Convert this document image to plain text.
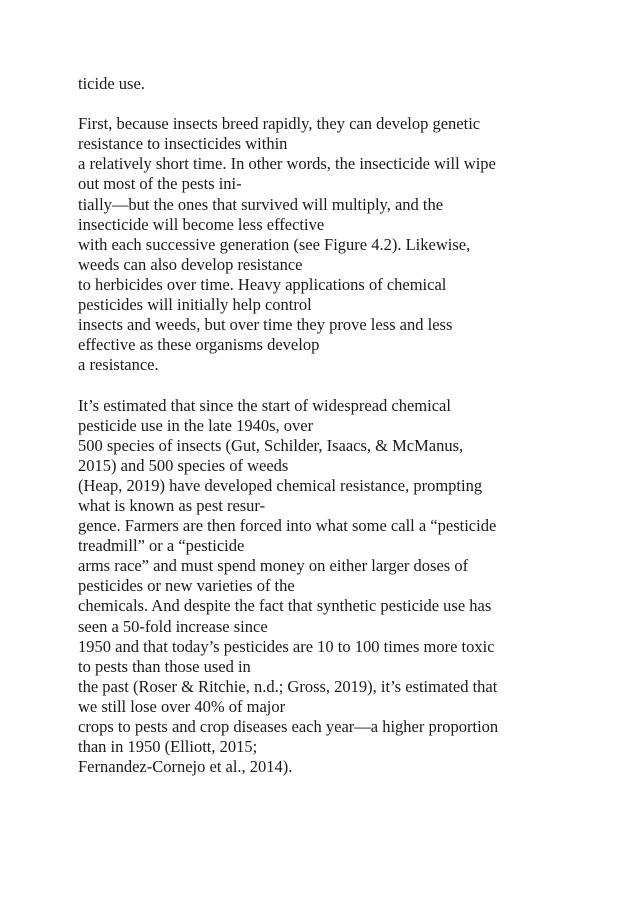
ticide use.
First, because insects breed rapidly, they can develop genetic
resistance to insecticides within
a relatively short time. In other words, the insecticide will wipe
out most of the pests ini-
tially—but the ones that survived will multiply, and the
insecticide will become less effective
with each successive generation (see Figure 4.2). Likewise,
weeds can also develop resistance
to herbicides over time. Heavy applications of chemical
pesticides will initially help control
insects and weeds, but over time they prove less and less
effective as these organisms develop
a resistance.
It’s estimated that since the start of widespread chemical
pesticide use in the late 1940s, over
500 species of insects (Gut, Schilder, Isaacs, & McManus,
2015) and 500 species of weeds
(Heap, 2019) have developed chemical resistance, prompting
what is known as pest resur-
gence. Farmers are then forced into what some call a “pesticide
treadmill” or a “pesticide
arms race” and must spend money on either larger doses of
pesticides or new varieties of the
chemicals. And despite the fact that synthetic pesticide use has
seen a 50-fold increase since
1950 and that today’s pesticides are 10 to 100 times more toxic
to pests than those used in
the past (Roser & Ritchie, n.d.; Gross, 2019), it’s estimated that
we still lose over 40% of major
crops to pests and crop diseases each year—a higher proportion
than in 1950 (Elliott, 2015;
Fernandez-Cornejo et al., 2014).
